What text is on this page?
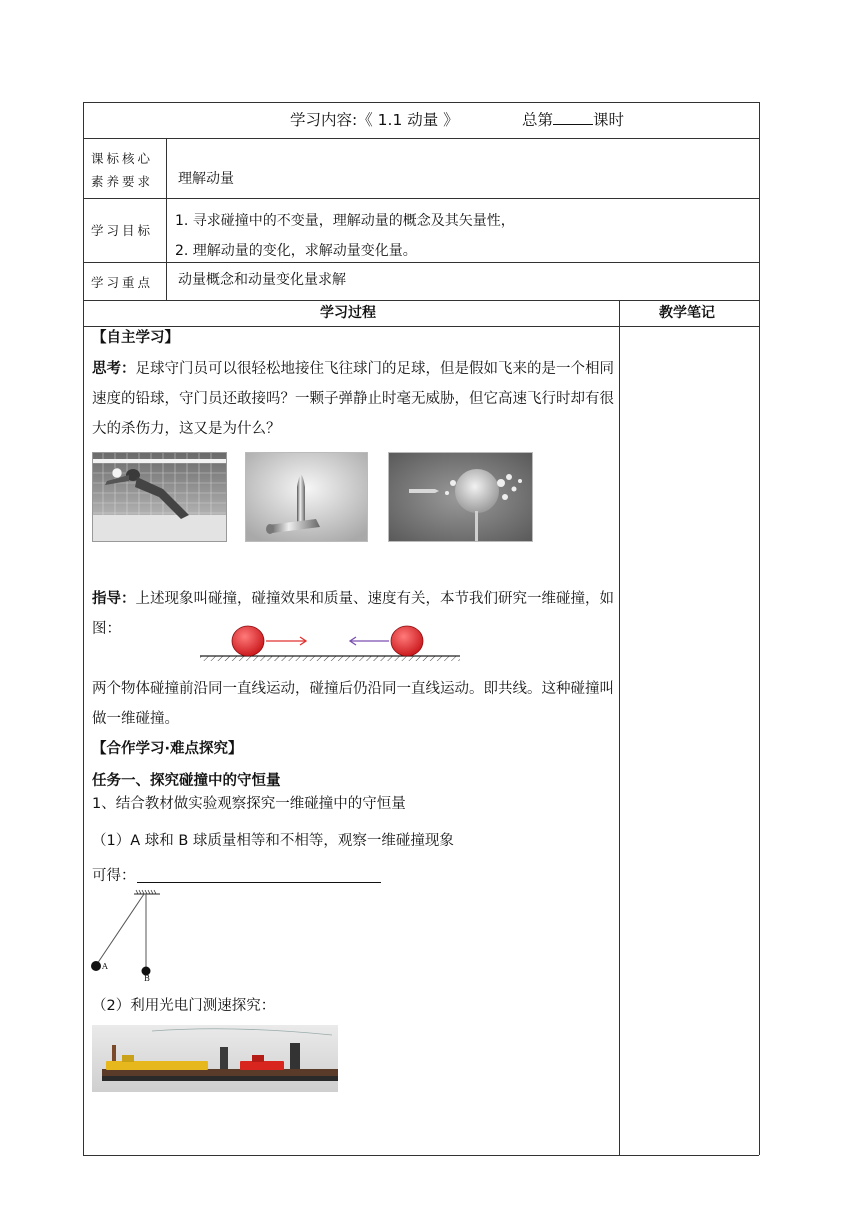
学习内容:《 1.1 动量 》	总第	课时
课标核心
素养要求 理解动量
学习目标
1. 寻求碰撞中的不变量，理解动量的概念及其矢量性，
2. 理解动量的变化，求解动量变化量。
学习重点 动量概念和动量变化量求解
学习过程	教学笔记
【自主学习】
思考：足球守门员可以很轻松地接住飞往球门的足球，但是假如飞来的是一个相同速度的铅球，守门员还敢接吗？一颗子弹静止时毫无威胁，但它高速飞行时却有很大的杀伤力，这又是为什么？
指导：上述现象叫碰撞，碰撞效果和质量、速度有关，本节我们研究一维碰撞，如图：
两个物体碰撞前沿同一直线运动，碰撞后仍沿同一直线运动。即共线。这种碰撞叫做一维碰撞。
【合作学习·难点探究】
任务一、探究碰撞中的守恒量
1、结合教材做实验观察探究一维碰撞中的守恒量
（1）A 球和 B 球质量相等和不相等，观察一维碰撞现象
可得：
A
B
（2）利用光电门测速探究：
